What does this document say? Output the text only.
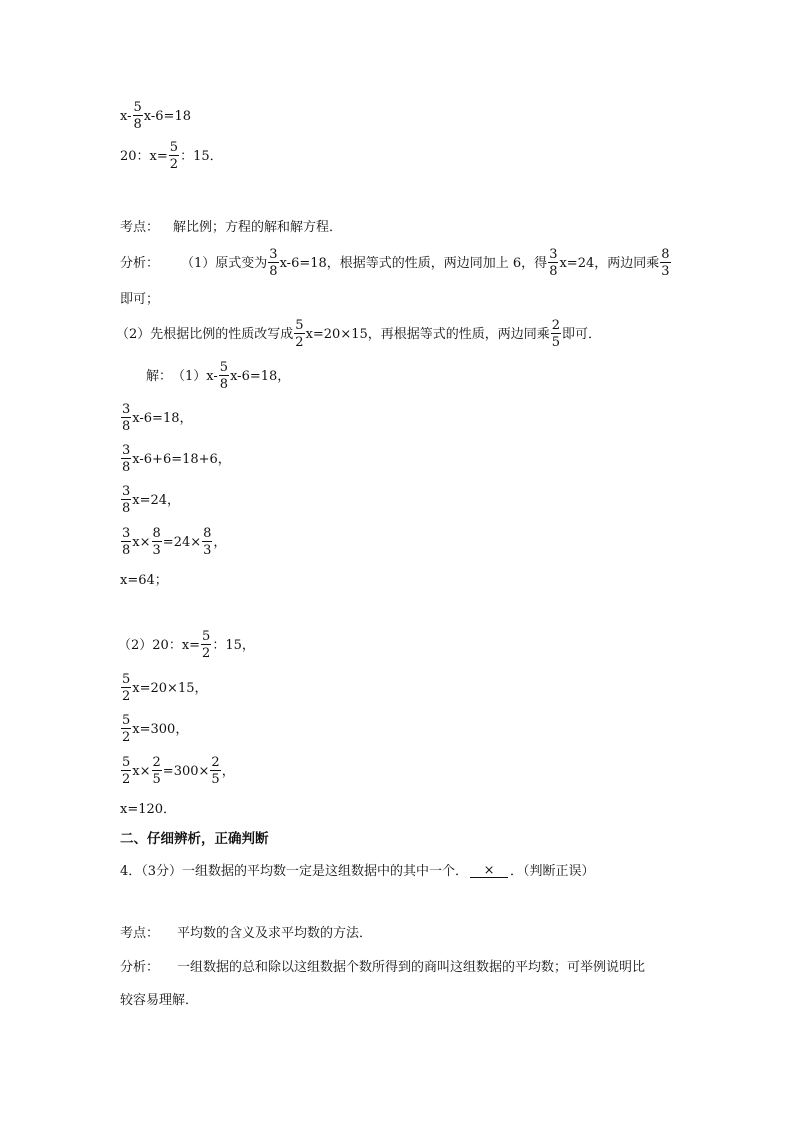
$x- \frac{5}{8} x-6=18$
20：$x= \frac{5}{2}$ ：15．
考点： 解比例；方程的解和解方程．
分析： （1）原式变为 $\frac{3}{8} x-6=18$，根据等式的性质，两边同加上 6，得 $\frac{3}{8} x=24$，两边同乘 $\frac{8}{3}$
即可；
（2）先根据比例的性质改写成 $\frac{5}{2} x=20\times 15$，再根据等式的性质，两边同乘 $\frac{2}{5}$ 即可．
解： $(1)x- \frac{5}{8} x-6=18$，
$\frac{3}{8} x-6=18$，
$\frac{3}{8} x-6+6=18+6$，
$\frac{3}{8} x=24$，
$\frac{3}{8} x\times \frac{8}{3} =24\times \frac{8}{3}$ ，
x=64；
（2）20：$x= \frac{5}{2}$ ：15，
$\frac{5}{2} x=20\times 15$，
$\frac{5}{2} x=300$，
$\frac{5}{2} x\times \frac{2}{5} =300\times \frac{2}{5}$ ，
x=120．
二、仔细辨析，正确判断
4．（3分）一组数据的平均数一定是这组数据中的其中一个．	×	．（判断正误）
考点： 平均数的含义及求平均数的方法．
分析： 一组数据的总和除以这组数据个数所得到的商叫这组数据的平均数；可举例说明比
较容易理解．
